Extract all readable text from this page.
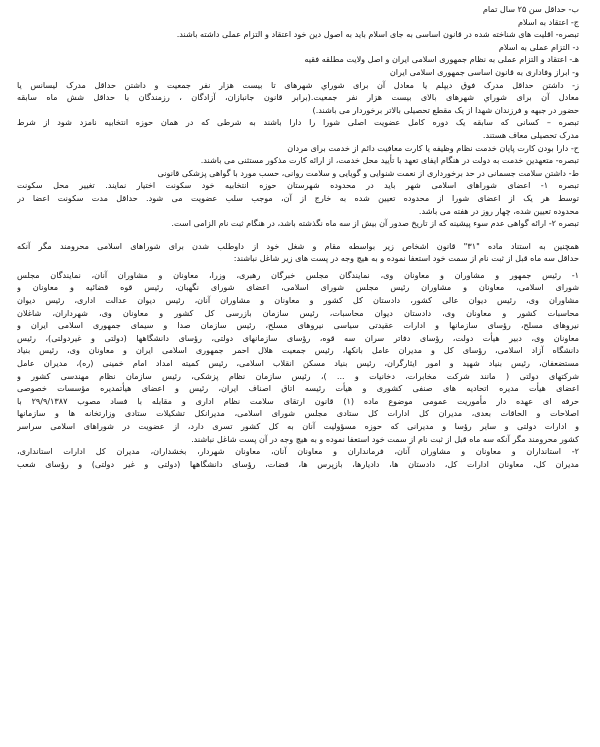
ب- حداقل سن ۲۵ سال تمام
ج- اعتقاد به اسلام
تبصره- اقلیت های شناخته شده در قانون اساسی به جای اسلام باید به اصول دین خود اعتقاد و التزام عملی داشته باشند.
د- التزام عملی به اسلام
هـ- اعتقاد و التزام عملی به نظام جمهوری اسلامی ایران و اصل ولایت مطلقه فقیه
و- ابراز وفاداری به قانون اساسی جمهوری اسلامی ایران
ز- داشتن حداقل مدرک فوق دیپلم یا معادل آن برای شوراي شهرهای تا بیست هزار نفر جمعیت و داشتن حداقل مدرک لیسانس یا
معادل آن برای شوراي شهرهای بالای بیست هزار نفر جمعیت.(برابر قانون جانبازان، آزادگان ، رزمندگان با حداقل شش ماه سابقه
حضور در جبهه و فرزندان شهدا از یک مقطع تحصیلی بالاتر برخوردار می باشند.)
تبصره – کسانی که سابقه یک دوره کامل عضویت اصلی شورا را دارا باشند به شرطی که در همان حوزه انتخابیه نامزد شود از شرط
مدرک تحصیلی معاف هستند.
ح- دارا بودن کارت پایان خدمت نظام وظیفه یا کارت معافیت دائم از خدمت برای مردان
تبصره- متعهدین خدمت به دولت در هنگام ایفای تعهد با تأیید محل خدمت، از ارائه کارت مذکور مستثنی می باشند.
ط- داشتن سلامت جسمانی در حد برخورداری از نعمت شنوایی و گویایی و سلامت روانی، حسب مورد با گواهی پزشکی قانونی
تبصره ۱- اعضای شوراهای اسلامی شهر باید در محدوده شهرستان حوزه انتخابیه خود سکونت اختیار نمایند. تغییر محل سکونت
توسط هر یک از اعضای شورا از محدوده تعیین شده به خارج از آن، موجب سلب عضویت می شود. حداقل مدت سکونت اعضا در
محدوده تعیین شده، چهار روز در هفته می باشد.
تبصره ۲- ارائه گواهی عدم سوء پیشینه که از تاریخ صدور آن بیش از سه ماه نگذشته باشد، در هنگام ثبت نام الزامی است.
همچنین به استناد ماده "۳۱" قانون اشخاص زیر بواسطه مقام و شغل خود از داوطلب شدن برای شوراهای اسلامی محرومند مگر آنکه
حداقل سه ماه قبل از ثبت نام از سمت خود استعفا نموده و به هیچ وجه در پست های زیر شاغل نباشند:
۱- رئیس جمهور و مشاوران و معاونان وی، نمایندگان مجلس خبرگان رهبری، وزرا، معاونان و مشاوران آنان، نمایندگان مجلس
شورای اسلامی، معاونان و مشاوران رئیس مجلس شورای اسلامی، اعضای شورای نگهبان، رئیس قوه قضائیه و معاونان و
مشاوران وی، رئیس دیوان عالی کشور، دادستان کل کشور و معاونان و مشاوران آنان، رئیس دیوان عدالت اداری، رئیس دیوان
محاسبات کشور و معاونان وی، دادستان دیوان محاسبات، رئیس سازمان بازرسی کل کشور و معاونان وی، شهرداران، شاغلان
نیروهای مسلح، رؤسای سازمانها و ادارات عقیدتی سیاسی نیروهای مسلح، رئیس سازمان صدا و سیمای جمهوری اسلامی ایران و
معاونان وی، دبیر هیأت دولت، رؤسای دفاتر سران سه قوه، رؤسای سازمانهای دولتی، رؤسای دانشگاهها (دولتی و غیردولتی)، رئیس
دانشگاه آزاد اسلامی، رؤسای کل و مدیران عامل بانکها، رئیس جمعیت هلال احمر جمهوری اسلامی ایران و معاونان وی، رئیس بنیاد
مستضعفان، رئیس بنیاد شهید و امور ایثارگران، رئیس بنیاد مسکن انقلاب اسلامی، رئیس کمیته امداد امام خمینی (ره)، مدیران عامل
شرکتهای دولتی ( مانند شرکت مخابرات، دخانیات و ... )، رئیس سازمان نظام پزشکی، رئیس سازمان نظام مهندسی کشور و
اعضای هیأت مدیره اتحادیه های صنفی کشوری و هیأت رئیسه اتاق اصناف ایران، رئیس و اعضای هیأتمدیره مؤسسات خصوصی
حرفه ای عهده دار مأموریت عمومی موضوع ماده (۱) قانون ارتقای سلامت نظام اداری و مقابله با فساد مصوب ۲۹/۹/۱۳۸۷ با
اصلاحات و الحاقات بعدی، مدیران کل ادارات کل ستادی مجلس شورای اسلامی، مدیرانکل تشکیلات ستادی وزارتخانه ها و سازمانها
و ادارات دولتی و سایر رؤسا و مدیرانی که حوزه مسؤولیت آنان به کل کشور تسری دارد، از عضویت در شوراهای اسلامی سراسر
کشور محرومند مگر آنکه سه ماه قبل از ثبت نام از سمت خود استعفا نموده و به هیچ وجه در آن پست شاغل نباشند.
۲- استانداران و معاونان و مشاوران آنان، فرمانداران و معاونان آنان، معاونان شهردار، بخشداران، مدیران کل ادارات استانداری،
مدیران کل، معاونان ادارات کل، دادستان ها، دادیارها، بازپرس ها، قضات، رؤسای دانشگاهها (دولتی و غیر دولتی) و رؤسای شعب
